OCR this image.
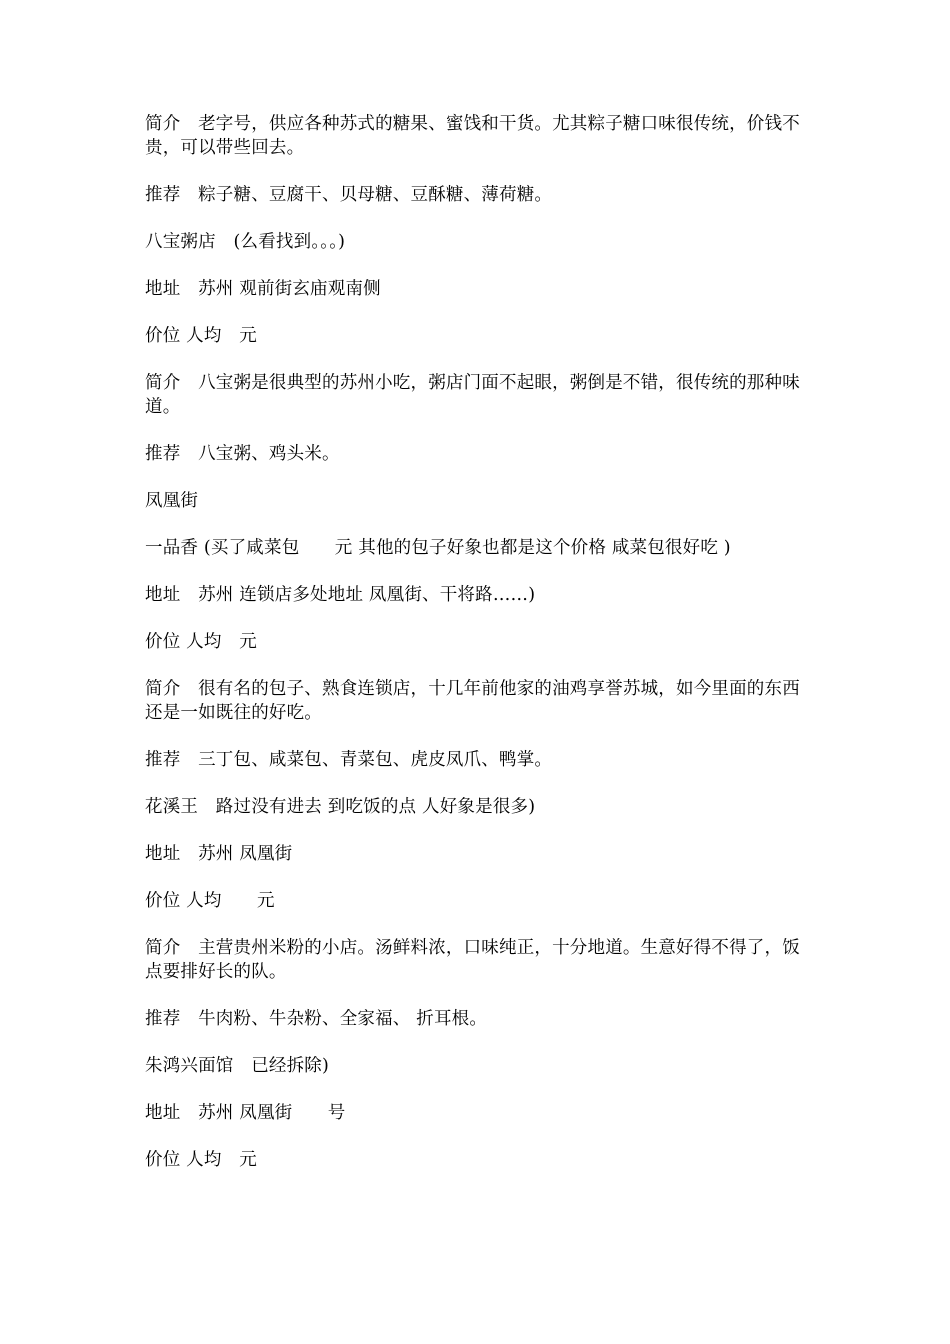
简介　老字号，供应各种苏式的糖果、蜜饯和干货。尤其粽子糖口味很传统，价钱不贵，可以带些回去。

推荐　粽子糖、豆腐干、贝母糖、豆酥糖、薄荷糖。

八宝粥店　(么看找到。。。)

地址　苏州 观前街玄庙观南侧

价位 人均　元

简介　八宝粥是很典型的苏州小吃，粥店门面不起眼，粥倒是不错，很传统的那种味道。

推荐　八宝粥、鸡头米。

凤凰街

一品香 (买了咸菜包　　元 其他的包子好象也都是这个价格 咸菜包很好吃 )

地址　苏州 连锁店多处地址 凤凰街、干将路……)

价位 人均　元

简介　很有名的包子、熟食连锁店，十几年前他家的油鸡享誉苏城，如今里面的东西还是一如既往的好吃。

推荐　三丁包、咸菜包、青菜包、虎皮凤爪、鸭掌。

花溪王　路过没有进去 到吃饭的点 人好象是很多)

地址　苏州 凤凰街

价位 人均　　元

简介　主营贵州米粉的小店。汤鲜料浓，口味纯正，十分地道。生意好得不得了，饭点要排好长的队。

推荐　牛肉粉、牛杂粉、全家福、 折耳根。

朱鸿兴面馆　已经拆除)

地址　苏州 凤凰街　　号

价位 人均　元
